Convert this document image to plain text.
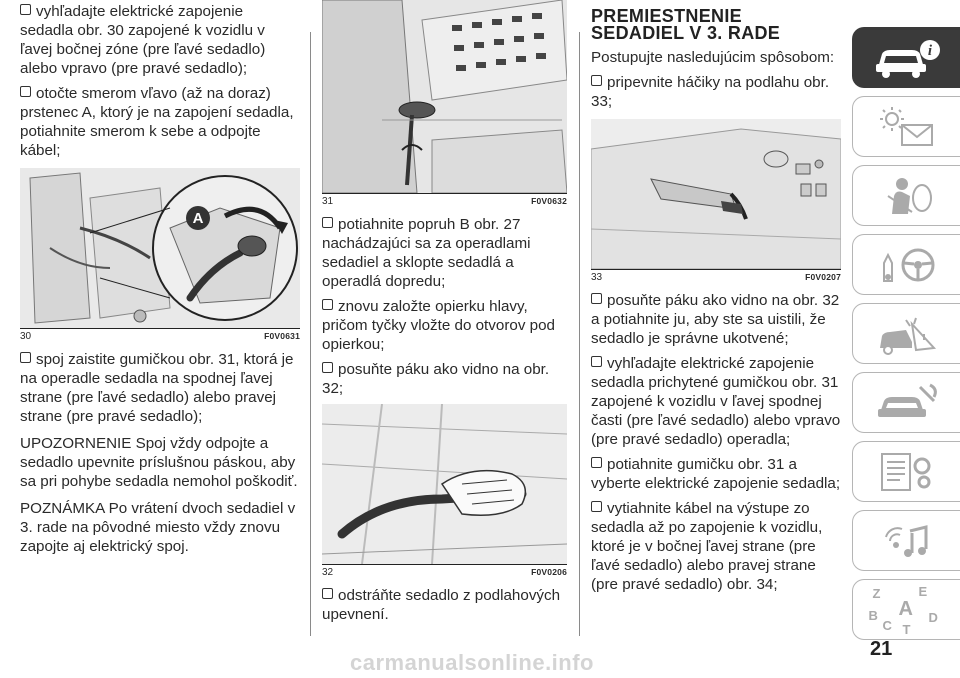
vyhľadajte elektrické zapojenie sedadla obr. 30 zapojené k vozidlu v ľavej bočnej zóne (pre ľavé sedadlo) alebo vpravo (pre pravé sedadlo);

otočte smerom vľavo (až na doraz) prstenec A, ktorý je na zapojení sedadla, potiahnite smerom k sebe a odpojte kábel;

A
30	F0V0631

spoj zaistite gumičkou obr. 31, ktorá je na operadle sedadla na spodnej ľavej strane (pre ľavé sedadlo) alebo pravej strane (pre pravé sedadlo);

UPOZORNENIE Spoj vždy odpojte a sedadlo upevnite príslušnou páskou, aby sa pri pohybe sedadla nemohol poškodiť.

POZNÁMKA Po vrátení dvoch sedadiel v 3. rade na pôvodné miesto vždy znovu zapojte aj elektrický spoj.

31	F0V0632

potiahnite popruh B obr. 27 nachádzajúci sa za operadlami sedadiel a sklopte sedadlá a operadlá dopredu;

znovu založte opierku hlavy, pričom tyčky vložte do otvorov pod opierkou;

posuňte páku ako vidno na obr. 32;

32	F0V0206

odstráňte sedadlo z podlahových upevnení.

PREMIESTNENIE
SEDADIEL V 3. RADE

Postupujte nasledujúcim spôsobom:

pripevnite háčiky na podlahu obr. 33;

33	F0V0207

posuňte páku ako vidno na obr. 32 a potiahnite ju, aby ste sa uistili, že sedadlo je správne ukotvené;

vyhľadajte elektrické zapojenie sedadla prichytené gumičkou obr. 31 zapojené k vozidlu v ľavej spodnej časti (pre ľavé sedadlo) alebo vpravo (pre pravé sedadlo) operadla;

potiahnite gumičku obr. 31 a vyberte elektrické zapojenie sedadla;

vytiahnite kábel na výstupe zo sedadla až po zapojenie k vozidlu, ktoré je v bočnej ľavej strane (pre ľavé sedadlo) alebo pravej strane (pre pravé sedadlo) obr. 34;

i
Z	E
B
C T
A D
21
carmanualsonline.info
